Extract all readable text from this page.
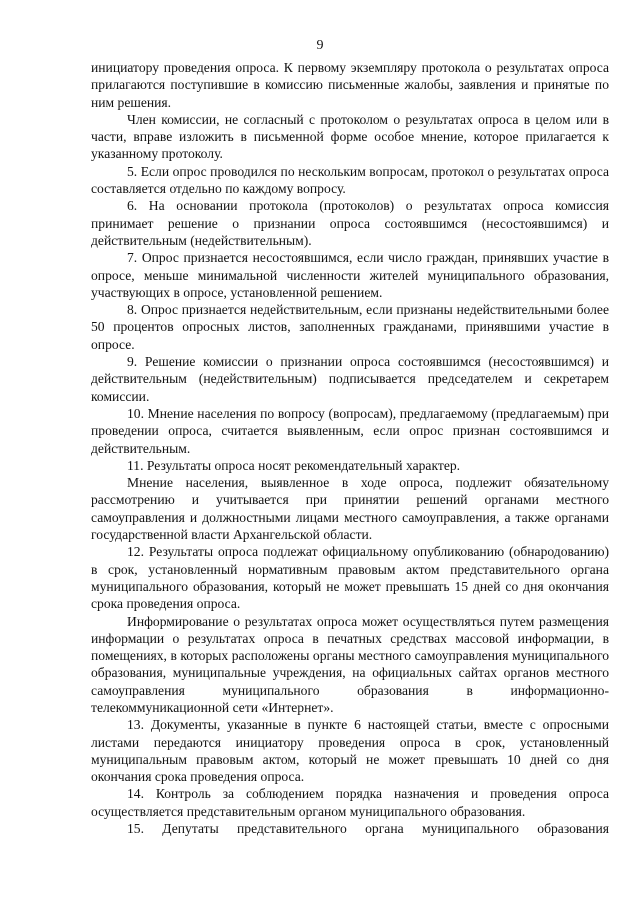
9

инициатору проведения опроса. К первому экземпляру протокола о результатах опроса прилагаются поступившие в комиссию письменные жалобы, заявления и принятые по ним решения.

Член комиссии, не согласный с протоколом о результатах опроса в целом или в части, вправе изложить в письменной форме особое мнение, которое прилагается к указанному протоколу.

5. Если опрос проводился по нескольким вопросам, протокол о результатах опроса составляется отдельно по каждому вопросу.

6. На основании протокола (протоколов) о результатах опроса комиссия принимает решение о признании опроса состоявшимся (несостоявшимся) и действительным (недействительным).

7. Опрос признается несостоявшимся, если число граждан, принявших участие в опросе, меньше минимальной численности жителей муниципального образования, участвующих в опросе, установленной решением.

8. Опрос признается недействительным, если признаны недействительными более 50 процентов опросных листов, заполненных гражданами, принявшими участие в опросе.

9. Решение комиссии о признании опроса состоявшимся (несостоявшимся) и действительным (недействительным) подписывается председателем и секретарем комиссии.

10. Мнение населения по вопросу (вопросам), предлагаемому (предлагаемым) при проведении опроса, считается выявленным, если опрос признан состоявшимся и действительным.

11. Результаты опроса носят рекомендательный характер.

Мнение населения, выявленное в ходе опроса, подлежит обязательному рассмотрению и учитывается при принятии решений органами местного самоуправления и должностными лицами местного самоуправления, а также органами государственной власти Архангельской области.

12. Результаты опроса подлежат официальному опубликованию (обнародованию) в срок, установленный нормативным правовым актом представительного органа муниципального образования, который не может превышать 15 дней со дня окончания срока проведения опроса.

Информирование о результатах опроса может осуществляться путем размещения информации о результатах опроса в печатных средствах массовой информации, в помещениях, в которых расположены органы местного самоуправления муниципального образования, муниципальные учреждения, на официальных сайтах органов местного самоуправления муниципального образования в информационно-телекоммуникационной сети «Интернет».

13. Документы, указанные в пункте 6 настоящей статьи, вместе с опросными листами передаются инициатору проведения опроса в срок, установленный муниципальным правовым актом, который не может превышать 10 дней со дня окончания срока проведения опроса.

14. Контроль за соблюдением порядка назначения и проведения опроса осуществляется представительным органом муниципального образования.

15. Депутаты представительного органа муниципального образования
